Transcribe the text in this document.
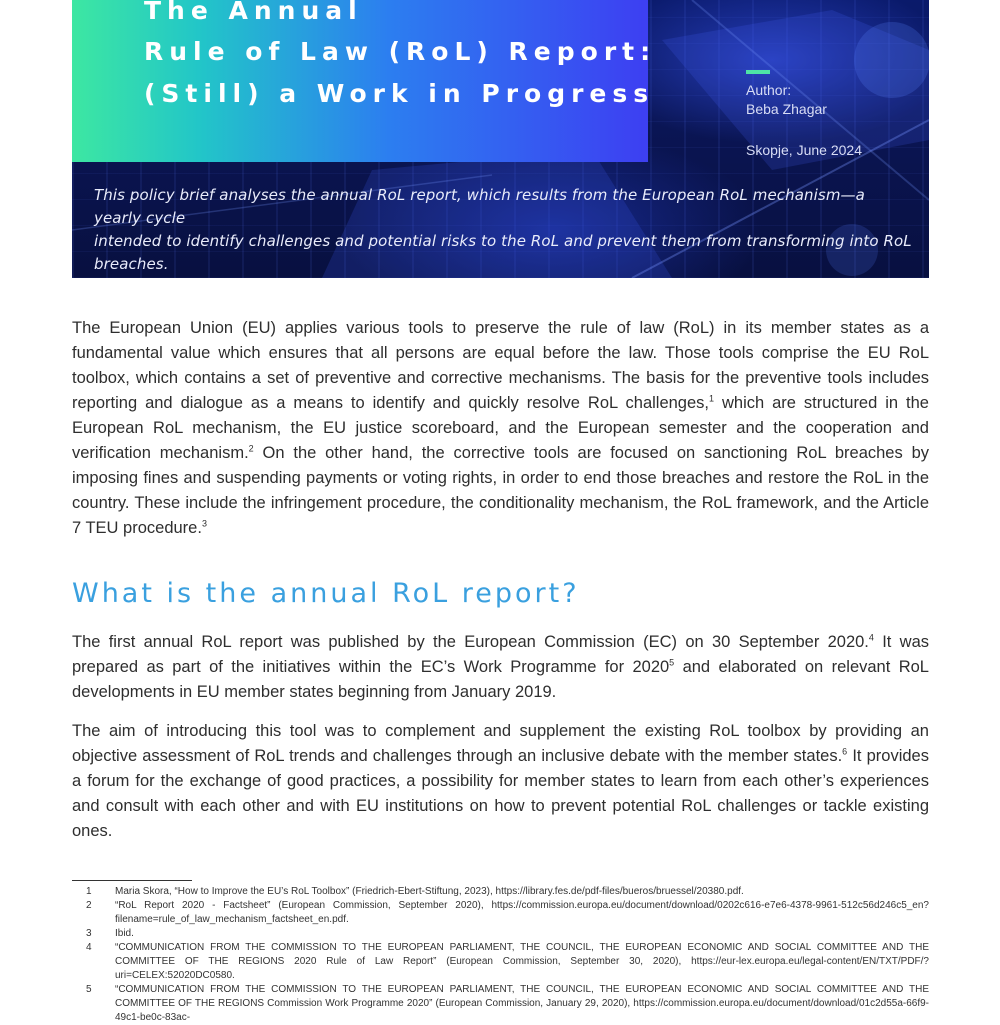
The Annual
Rule of Law (RoL) Report:
(Still) a Work in Progress	Author:
Beba Zhagar
Skopje, June 2024
This policy brief analyses the annual RoL report, which results from the European RoL mechanism—a yearly cycle
intended to identify challenges and potential risks to the RoL and prevent them from transforming into RoL breaches.

The European Union (EU) applies various tools to preserve the rule of law (RoL) in its member states as a fundamental value which ensures that all persons are equal before the law. Those tools comprise the EU RoL toolbox, which contains a set of preventive and corrective mechanisms. The basis for the preventive tools includes reporting and dialogue as a means to identify and quickly resolve RoL challenges,$^1$ which are structured in the European RoL mechanism, the EU justice scoreboard, and the European semester and the cooperation and verification mechanism.$^2$ On the other hand, the corrective tools are focused on sanctioning RoL breaches by imposing fines and suspending payments or voting rights, in order to end those breaches and restore the RoL in the country. These include the infringement procedure, the conditionality mechanism, the RoL framework, and the Article 7 TEU procedure.$^3$

What is the annual RoL report?

The first annual RoL report was published by the European Commission (EC) on 30 September 2020.$^4$ It was prepared as part of the initiatives within the EC’s Work Programme for 2020$^5$ and elaborated on relevant RoL developments in EU member states beginning from January 2019.

The aim of introducing this tool was to complement and supplement the existing RoL toolbox by providing an objective assessment of RoL trends and challenges through an inclusive debate with the member states.$^6$ It provides a forum for the exchange of good practices, a possibility for member states to learn from each other’s experiences and consult with each other and with EU institutions on how to prevent potential RoL challenges or tackle existing ones.

1	Maria Skora, “How to Improve the EU’s RoL Toolbox” (Friedrich-Ebert-Stiftung, 2023), https://library.fes.de/pdf-files/bueros/bruessel/20380.pdf.
2	“RoL Report 2020 - Factsheet” (European Commission, September 2020), https://commission.europa.eu/document/download/0202c616-e7e6-4378-9961-512c56d246c5_en?filename=rule_of_law_mechanism_factsheet_en.pdf.
3	Ibid.
4	“COMMUNICATION FROM THE COMMISSION TO THE EUROPEAN PARLIAMENT, THE COUNCIL, THE EUROPEAN ECONOMIC AND SOCIAL COMMITTEE AND THE COMMITTEE OF THE REGIONS 2020 Rule of Law Report” (European Commission, September 30, 2020), https://eur-lex.europa.eu/legal-content/EN/TXT/PDF/?uri=CELEX:52020DC0580.
5	“COMMUNICATION FROM THE COMMISSION TO THE EUROPEAN PARLIAMENT, THE COUNCIL, THE EUROPEAN ECONOMIC AND SOCIAL COMMITTEE AND THE COMMITTEE OF THE REGIONS Commission Work Programme 2020” (European Commission, January 29, 2020), https://commission.europa.eu/document/download/01c2d55a-66f9-49c1-be0c-83ac-
